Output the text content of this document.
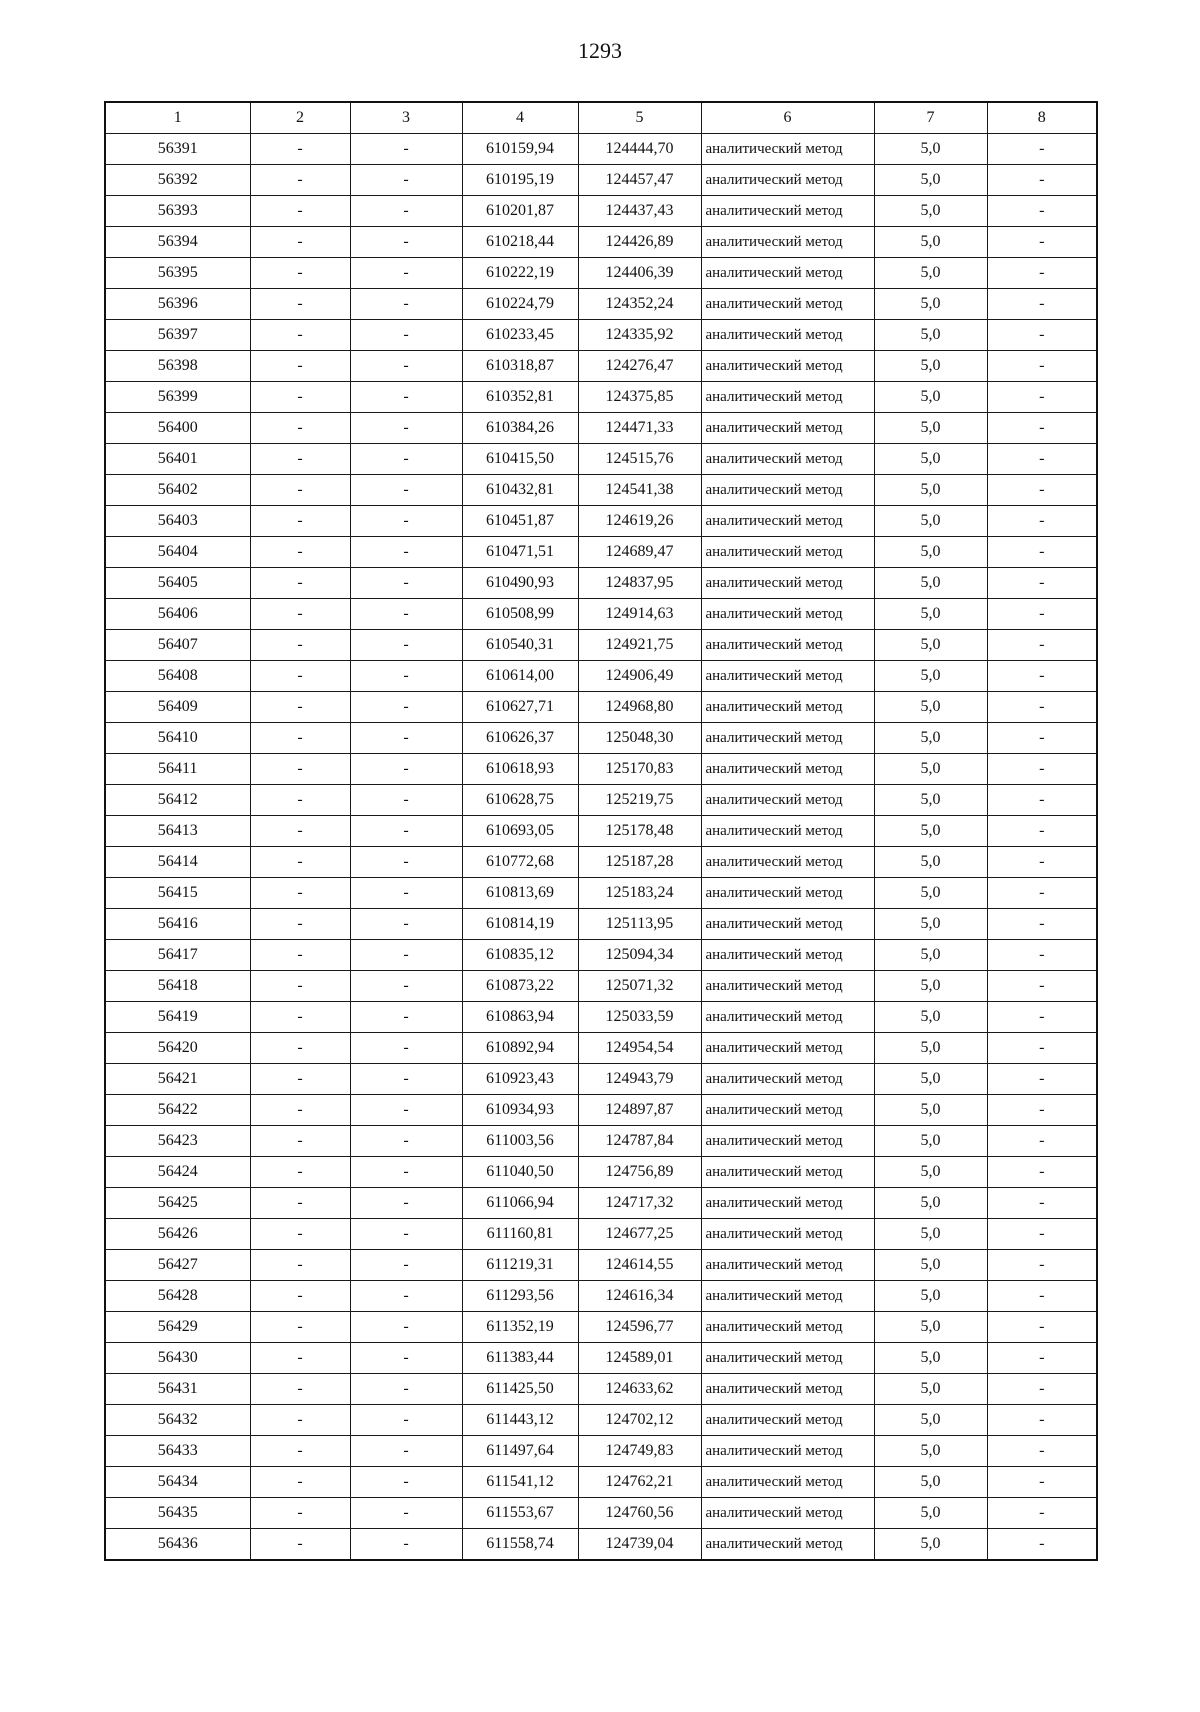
1293
1	2	3	4	5	6	7	8
56391	-	-	610159,94	124444,70	аналитический метод	5,0	-
56392	-	-	610195,19	124457,47	аналитический метод	5,0	-
56393	-	-	610201,87	124437,43	аналитический метод	5,0	-
56394	-	-	610218,44	124426,89	аналитический метод	5,0	-
56395	-	-	610222,19	124406,39	аналитический метод	5,0	-
56396	-	-	610224,79	124352,24	аналитический метод	5,0	-
56397	-	-	610233,45	124335,92	аналитический метод	5,0	-
56398	-	-	610318,87	124276,47	аналитический метод	5,0	-
56399	-	-	610352,81	124375,85	аналитический метод	5,0	-
56400	-	-	610384,26	124471,33	аналитический метод	5,0	-
56401	-	-	610415,50	124515,76	аналитический метод	5,0	-
56402	-	-	610432,81	124541,38	аналитический метод	5,0	-
56403	-	-	610451,87	124619,26	аналитический метод	5,0	-
56404	-	-	610471,51	124689,47	аналитический метод	5,0	-
56405	-	-	610490,93	124837,95	аналитический метод	5,0	-
56406	-	-	610508,99	124914,63	аналитический метод	5,0	-
56407	-	-	610540,31	124921,75	аналитический метод	5,0	-
56408	-	-	610614,00	124906,49	аналитический метод	5,0	-
56409	-	-	610627,71	124968,80	аналитический метод	5,0	-
56410	-	-	610626,37	125048,30	аналитический метод	5,0	-
56411	-	-	610618,93	125170,83	аналитический метод	5,0	-
56412	-	-	610628,75	125219,75	аналитический метод	5,0	-
56413	-	-	610693,05	125178,48	аналитический метод	5,0	-
56414	-	-	610772,68	125187,28	аналитический метод	5,0	-
56415	-	-	610813,69	125183,24	аналитический метод	5,0	-
56416	-	-	610814,19	125113,95	аналитический метод	5,0	-
56417	-	-	610835,12	125094,34	аналитический метод	5,0	-
56418	-	-	610873,22	125071,32	аналитический метод	5,0	-
56419	-	-	610863,94	125033,59	аналитический метод	5,0	-
56420	-	-	610892,94	124954,54	аналитический метод	5,0	-
56421	-	-	610923,43	124943,79	аналитический метод	5,0	-
56422	-	-	610934,93	124897,87	аналитический метод	5,0	-
56423	-	-	611003,56	124787,84	аналитический метод	5,0	-
56424	-	-	611040,50	124756,89	аналитический метод	5,0	-
56425	-	-	611066,94	124717,32	аналитический метод	5,0	-
56426	-	-	611160,81	124677,25	аналитический метод	5,0	-
56427	-	-	611219,31	124614,55	аналитический метод	5,0	-
56428	-	-	611293,56	124616,34	аналитический метод	5,0	-
56429	-	-	611352,19	124596,77	аналитический метод	5,0	-
56430	-	-	611383,44	124589,01	аналитический метод	5,0	-
56431	-	-	611425,50	124633,62	аналитический метод	5,0	-
56432	-	-	611443,12	124702,12	аналитический метод	5,0	-
56433	-	-	611497,64	124749,83	аналитический метод	5,0	-
56434	-	-	611541,12	124762,21	аналитический метод	5,0	-
56435	-	-	611553,67	124760,56	аналитический метод	5,0	-
56436	-	-	611558,74	124739,04	аналитический метод	5,0	-
